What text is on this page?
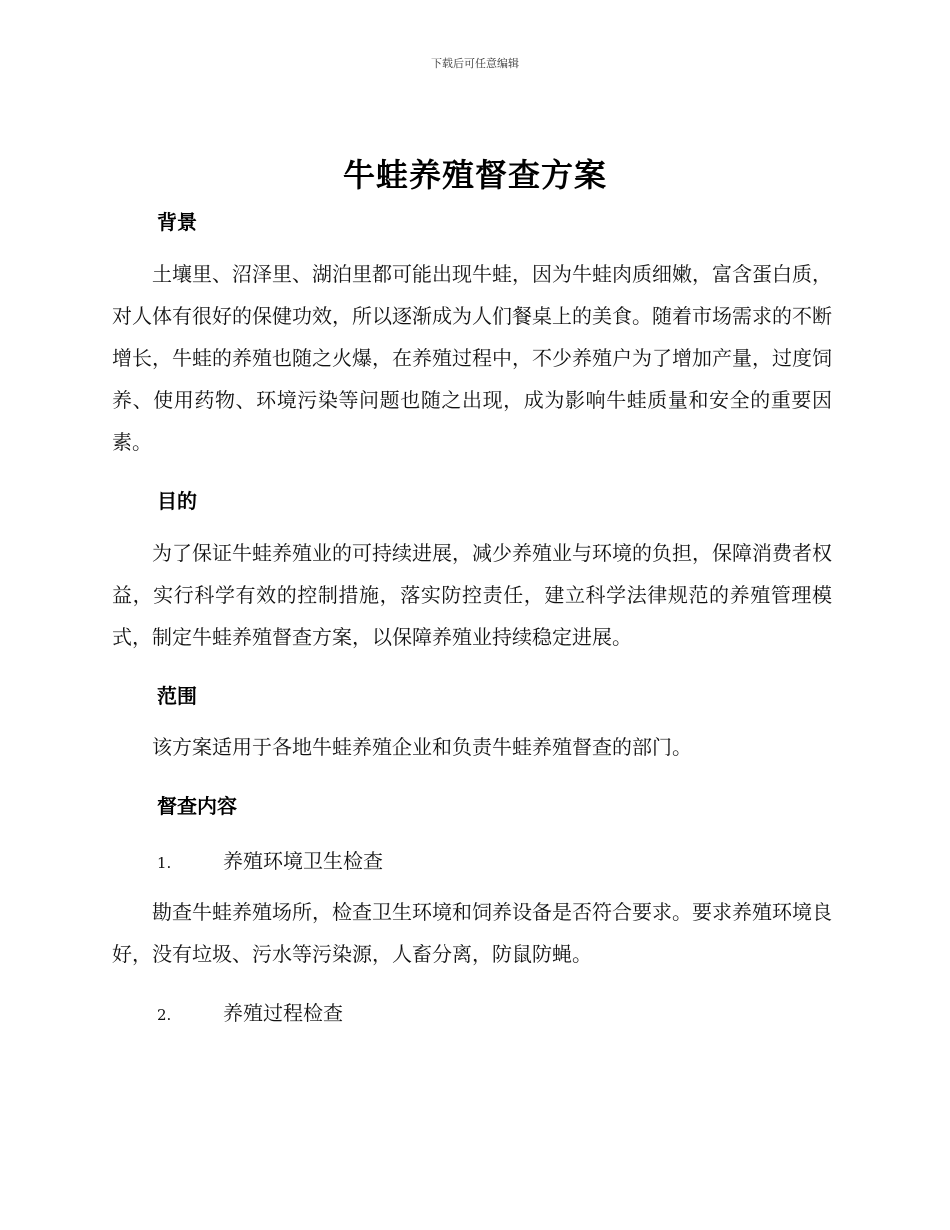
下载后可任意编辑
牛蛙养殖督查方案
背景
土壤里、沼泽里、湖泊里都可能出现牛蛙，因为牛蛙肉质细嫩，富含蛋白质，对人体有很好的保健功效，所以逐渐成为人们餐桌上的美食。随着市场需求的不断增长，牛蛙的养殖也随之火爆，在养殖过程中，不少养殖户为了增加产量，过度饲养、使用药物、环境污染等问题也随之出现，成为影响牛蛙质量和安全的重要因素。
目的
为了保证牛蛙养殖业的可持续进展，减少养殖业与环境的负担，保障消费者权益，实行科学有效的控制措施，落实防控责任，建立科学法律规范的养殖管理模式，制定牛蛙养殖督查方案，以保障养殖业持续稳定进展。
范围
该方案适用于各地牛蛙养殖企业和负责牛蛙养殖督查的部门。
督查内容
1.	养殖环境卫生检查
勘查牛蛙养殖场所，检查卫生环境和饲养设备是否符合要求。要求养殖环境良好，没有垃圾、污水等污染源，人畜分离，防鼠防蝇。
2.	养殖过程检查
